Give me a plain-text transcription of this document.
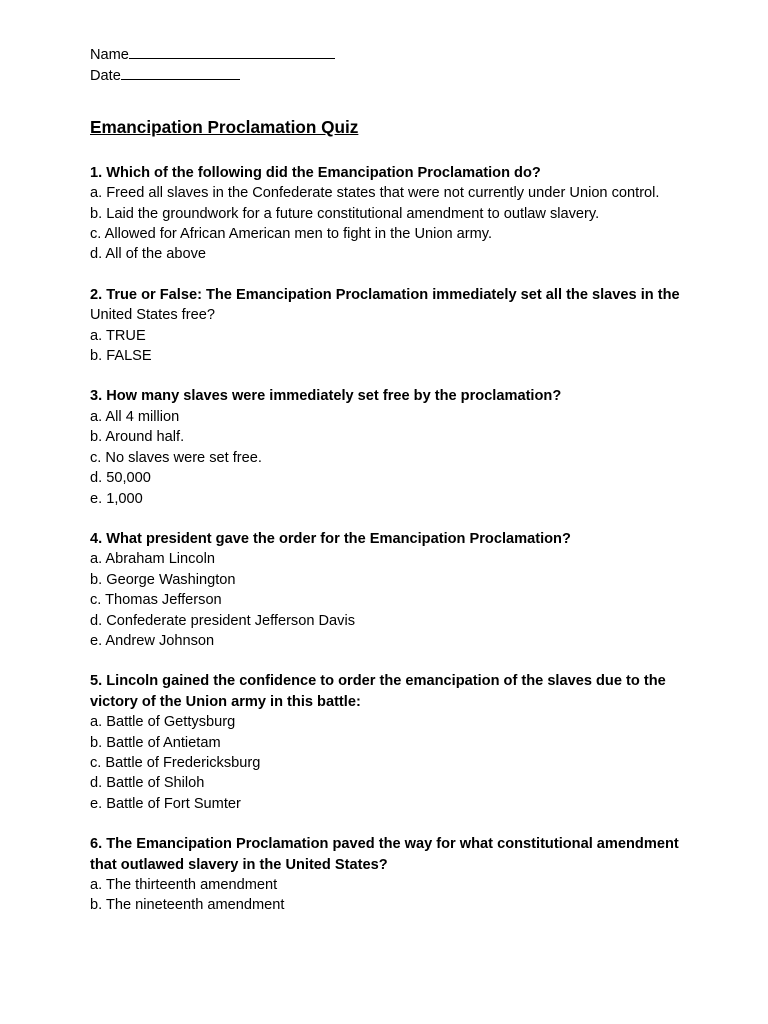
Name
Date
Emancipation Proclamation Quiz
1. Which of the following did the Emancipation Proclamation do?
a. Freed all slaves in the Confederate states that were not currently under Union control.
b. Laid the groundwork for a future constitutional amendment to outlaw slavery.
c. Allowed for African American men to fight in the Union army.
d. All of the above
2. True or False: The Emancipation Proclamation immediately set all the slaves in the United States free?
a. TRUE
b. FALSE
3. How many slaves were immediately set free by the proclamation?
a. All 4 million
b. Around half.
c. No slaves were set free.
d. 50,000
e. 1,000
4. What president gave the order for the Emancipation Proclamation?
a. Abraham Lincoln
b. George Washington
c. Thomas Jefferson
d. Confederate president Jefferson Davis
e. Andrew Johnson
5. Lincoln gained the confidence to order the emancipation of the slaves due to the victory of the Union army in this battle:
a. Battle of Gettysburg
b. Battle of Antietam
c. Battle of Fredericksburg
d. Battle of Shiloh
e. Battle of Fort Sumter
6. The Emancipation Proclamation paved the way for what constitutional amendment that outlawed slavery in the United States?
a. The thirteenth amendment
b. The nineteenth amendment
